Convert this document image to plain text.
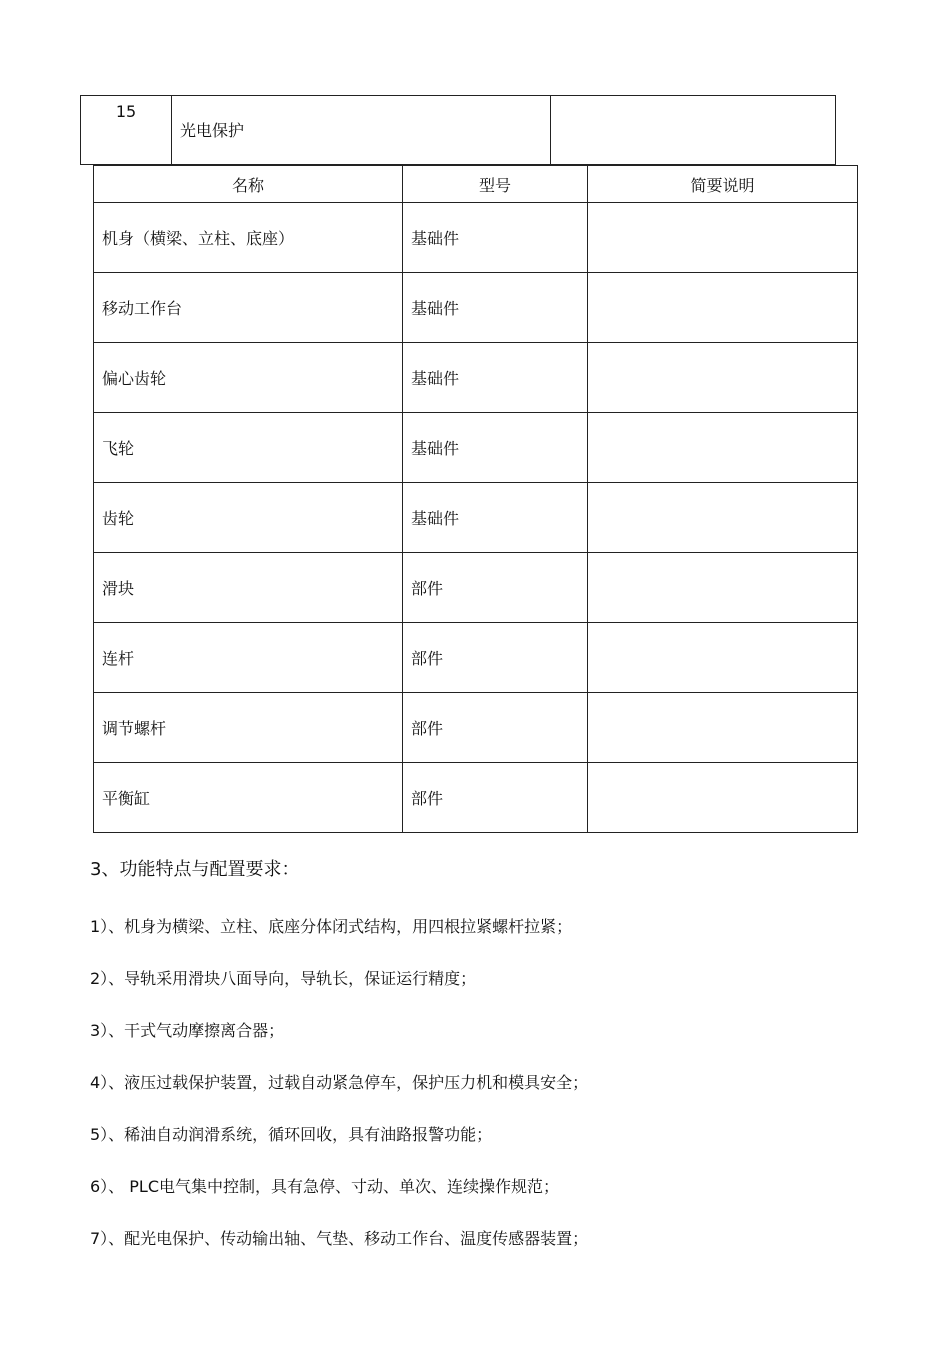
15	光电保护	
名称	型号	简要说明
机身（横梁、立柱、底座）	基础件	
移动工作台	基础件	
偏心齿轮	基础件	
飞轮	基础件	
齿轮	基础件	
滑块	部件	
连杆	部件	
调节螺杆	部件	
平衡缸	部件	
3、功能特点与配置要求：
1）、机身为横梁、立柱、底座分体闭式结构，用四根拉紧螺杆拉紧；
2）、导轨采用滑块八面导向，导轨长，保证运行精度；
3）、干式气动摩擦离合器；
4）、液压过载保护装置，过载自动紧急停车，保护压力机和模具安全；
5）、稀油自动润滑系统，循环回收，具有油路报警功能；
6）、 PLC电气集中控制，具有急停、寸动、单次、连续操作规范；
7）、配光电保护、传动输出轴、气垫、移动工作台、温度传感器装置；
